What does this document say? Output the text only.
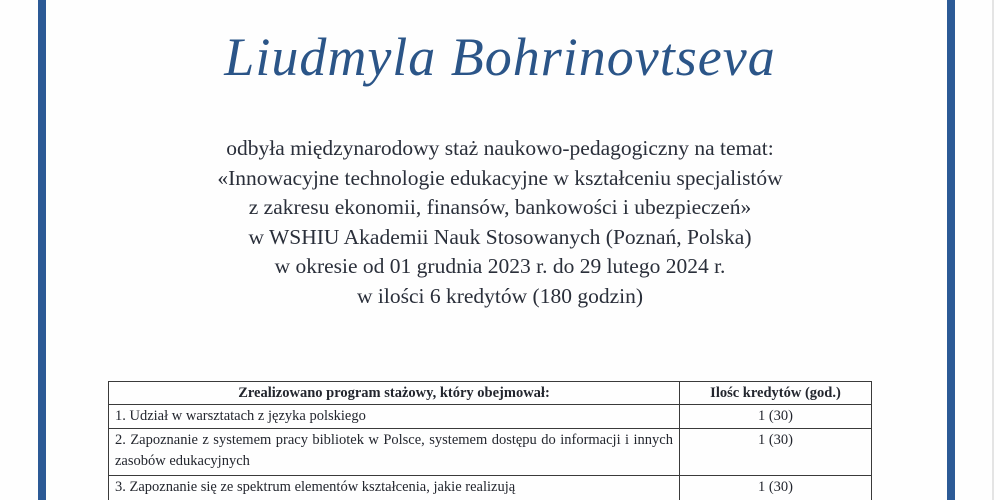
Liudmyla Bohrinovtseva
odbyła międzynarodowy staż naukowo-pedagogiczny na temat:
«Innowacyjne technologie edukacyjne w kształceniu specjalistów
z zakresu ekonomii, finansów, bankowości i ubezpieczeń»
w WSHIU Akademii Nauk Stosowanych (Poznań, Polska)
w okresie od 01 grudnia 2023 r. do 29 lutego 2024 r.
w ilości 6 kredytów (180 godzin)
Zrealizowano program stażowy, który obejmował:	Ilośc kredytów (god.)
1. Udział w warsztatach z języka polskiego	1 (30)
2. Zapoznanie z systemem pracy bibliotek w Polsce, systemem dostępu do informacji i innych zasobów edukacyjnych	1 (30)
3. Zapoznanie się ze spektrum elementów kształcenia, jakie realizują	1 (30)
